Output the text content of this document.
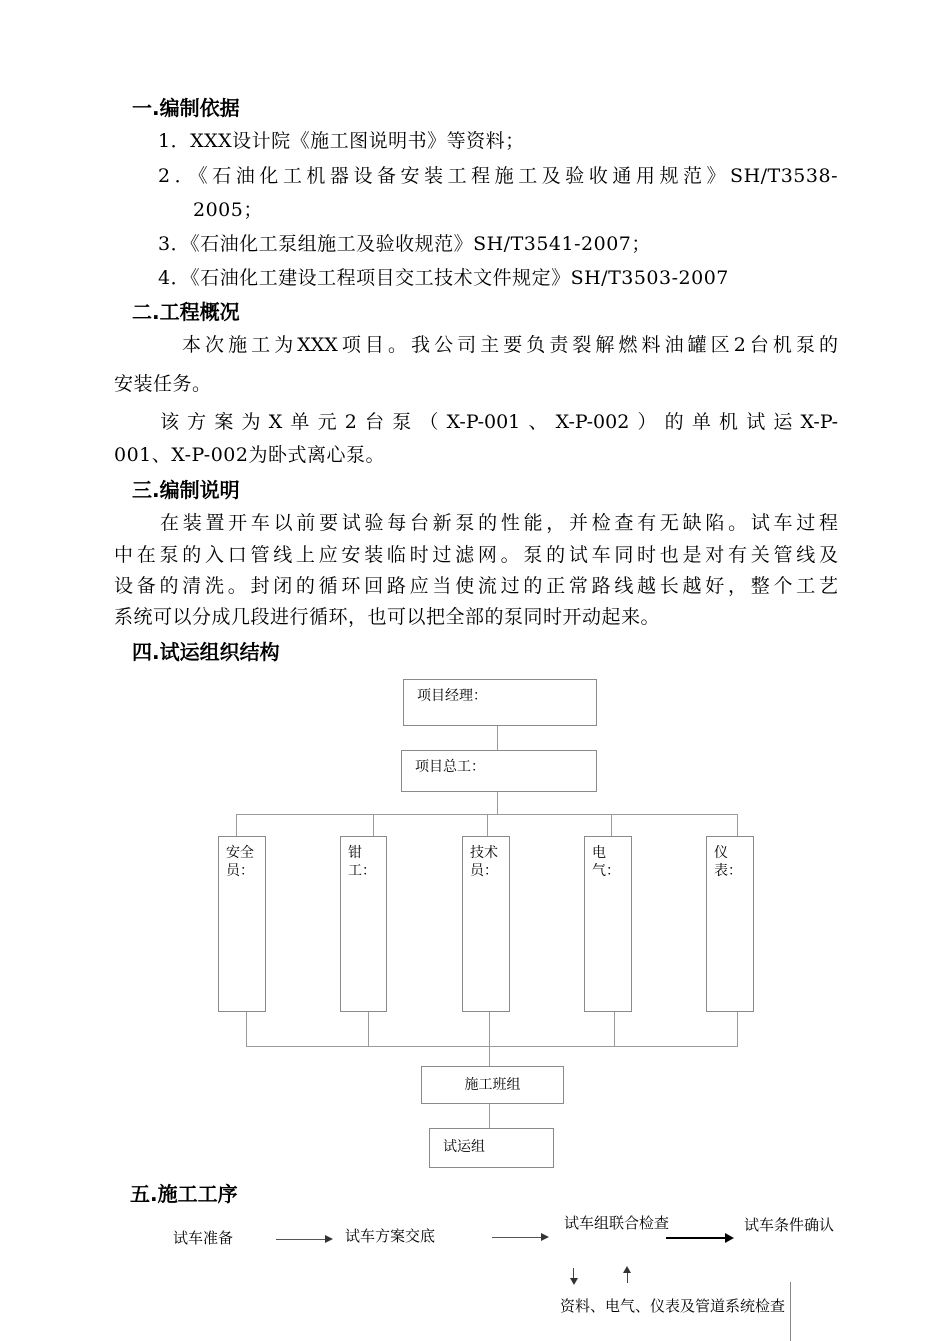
一.编制依据
1．XXX设计院《施工图说明书》等资料；
2．《石油化工机器设备安装工程施工及验收通用规范》SH/T3538-
2005；
3．《石油化工泵组施工及验收规范》SH/T3541-2007；
4．《石油化工建设工程项目交工技术文件规定》SH/T3503-2007
二.工程概况
本次施工为XXX项目。我公司主要负责裂解燃料油罐区2台机泵的
安装任务。
该方案为X单元2台泵（X-P-001、X-P-002）的单机试运X-P-
001、X-P-002为卧式离心泵。
三.编制说明
在装置开车以前要试验每台新泵的性能，并检查有无缺陷。试车过程
中在泵的入口管线上应安装临时过滤网。泵的试车同时也是对有关管线及
设备的清洗。封闭的循环回路应当使流过的正常路线越长越好，整个工艺
系统可以分成几段进行循环，也可以把全部的泵同时开动起来。
四.试运组织结构
项目经理：
项目总工：
安全员：
钳工：
技术员：
电气：
仪表：
施工班组
试运组
五.施工工序
试车准备	试车方案交底
试车组联合检查	试车条件确认
资料、电气、仪表及管道系统检查
